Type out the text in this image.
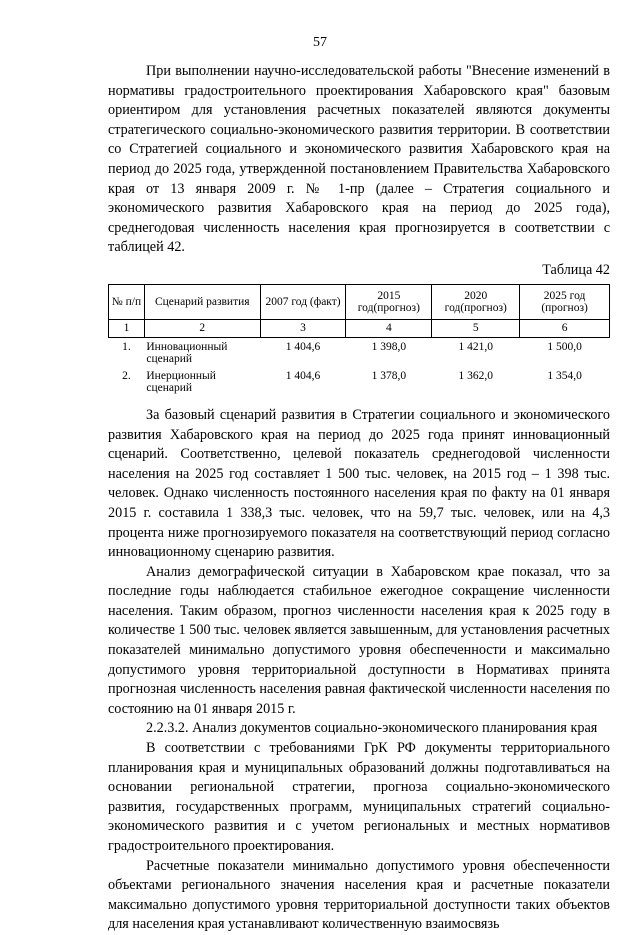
57

При выполнении научно-исследовательской работы "Внесение изменений в нормативы градостроительного проектирования Хабаровского края" базовым ориентиром для установления расчетных показателей являются документы стратегического социально-экономического развития территории. В соответствии со Стратегией социального и экономического развития Хабаровского края на период до 2025 года, утвержденной постановлением Правительства Хабаровского края от 13 января 2009 г. № 1-пр (далее – Стратегия социального и экономического развития Хабаровского края на период до 2025 года), среднегодовая численность населения края прогнозируется в соответствии с таблицей 42.

Таблица 42
№ п/п	Сценарий развития	2007 год (факт)	2015 год(прогноз)	2020 год(прогноз)	2025 год (прогноз)
1	2	3	4	5	6
1.	Инновационный сценарий	1 404,6	1 398,0	1 421,0	1 500,0
2.	Инерционный сценарий	1 404,6	1 378,0	1 362,0	1 354,0

За базовый сценарий развития в Стратегии социального и экономического развития Хабаровского края на период до 2025 года принят инновационный сценарий. Соответственно, целевой показатель среднегодовой численности населения на 2025 год составляет 1 500 тыс. человек, на 2015 год – 1 398 тыс. человек. Однако численность постоянного населения края по факту на 01 января 2015 г. составила 1 338,3 тыс. человек, что на 59,7 тыс. человек, или на 4,3 процента ниже прогнозируемого показателя на соответствующий период согласно инновационному сценарию развития.

Анализ демографической ситуации в Хабаровском крае показал, что за последние годы наблюдается стабильное ежегодное сокращение численности населения. Таким образом, прогноз численности населения края к 2025 году в количестве 1 500 тыс. человек является завышенным, для установления расчетных показателей минимально допустимого уровня обеспеченности и максимально допустимого уровня территориальной доступности в Нормативах принята прогнозная численность населения равная фактической численности населения по состоянию на 01 января 2015 г.

2.2.3.2. Анализ документов социально-экономического планирования края

В соответствии с требованиями ГрК РФ документы территориального планирования края и муниципальных образований должны подготавливаться на основании региональной стратегии, прогноза социально-экономического развития, государственных программ, муниципальных стратегий социально-экономического развития и с учетом региональных и местных нормативов градостроительного проектирования.

Расчетные показатели минимально допустимого уровня обеспеченности объектами регионального значения населения края и расчетные показатели максимально допустимого уровня территориальной доступности таких объектов для населения края устанавливают количественную взаимосвязь
